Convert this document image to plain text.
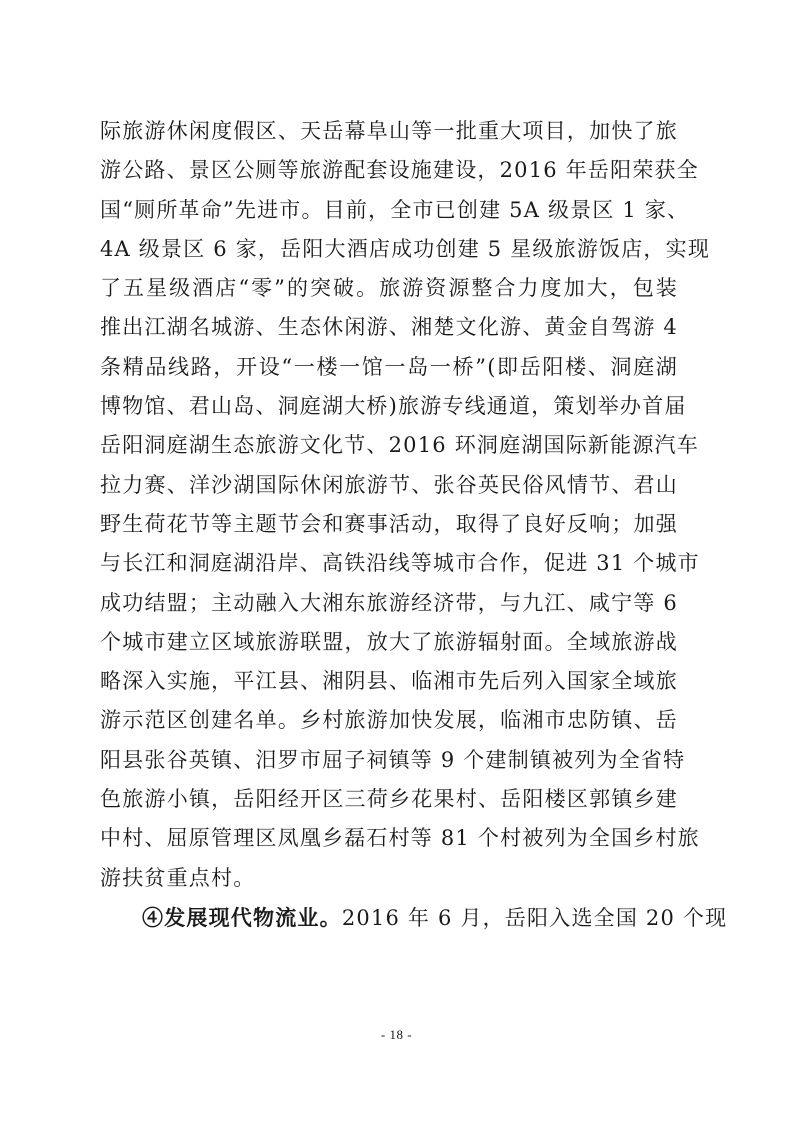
际旅游休闲度假区、天岳幕阜山等一批重大项目，加快了旅
游公路、景区公厕等旅游配套设施建设，2016 年岳阳荣获全
国“厕所革命”先进市。目前，全市已创建 5A 级景区 1 家、
4A 级景区 6 家，岳阳大酒店成功创建 5 星级旅游饭店，实现
了五星级酒店“零”的突破。旅游资源整合力度加大，包装
推出江湖名城游、生态休闲游、湘楚文化游、黄金自驾游 4
条精品线路，开设“一楼一馆一岛一桥”(即岳阳楼、洞庭湖
博物馆、君山岛、洞庭湖大桥)旅游专线通道，策划举办首届
岳阳洞庭湖生态旅游文化节、2016 环洞庭湖国际新能源汽车
拉力赛、洋沙湖国际休闲旅游节、张谷英民俗风情节、君山
野生荷花节等主题节会和赛事活动，取得了良好反响；加强
与长江和洞庭湖沿岸、高铁沿线等城市合作，促进 31 个城市
成功结盟；主动融入大湘东旅游经济带，与九江、咸宁等 6
个城市建立区域旅游联盟，放大了旅游辐射面。全域旅游战
略深入实施，平江县、湘阴县、临湘市先后列入国家全域旅
游示范区创建名单。乡村旅游加快发展，临湘市忠防镇、岳
阳县张谷英镇、汨罗市屈子祠镇等 9 个建制镇被列为全省特
色旅游小镇，岳阳经开区三荷乡花果村、岳阳楼区郭镇乡建
中村、屈原管理区凤凰乡磊石村等 81 个村被列为全国乡村旅
游扶贫重点村。
④发展现代物流业。2016 年 6 月，岳阳入选全国 20 个现
- 18 -
